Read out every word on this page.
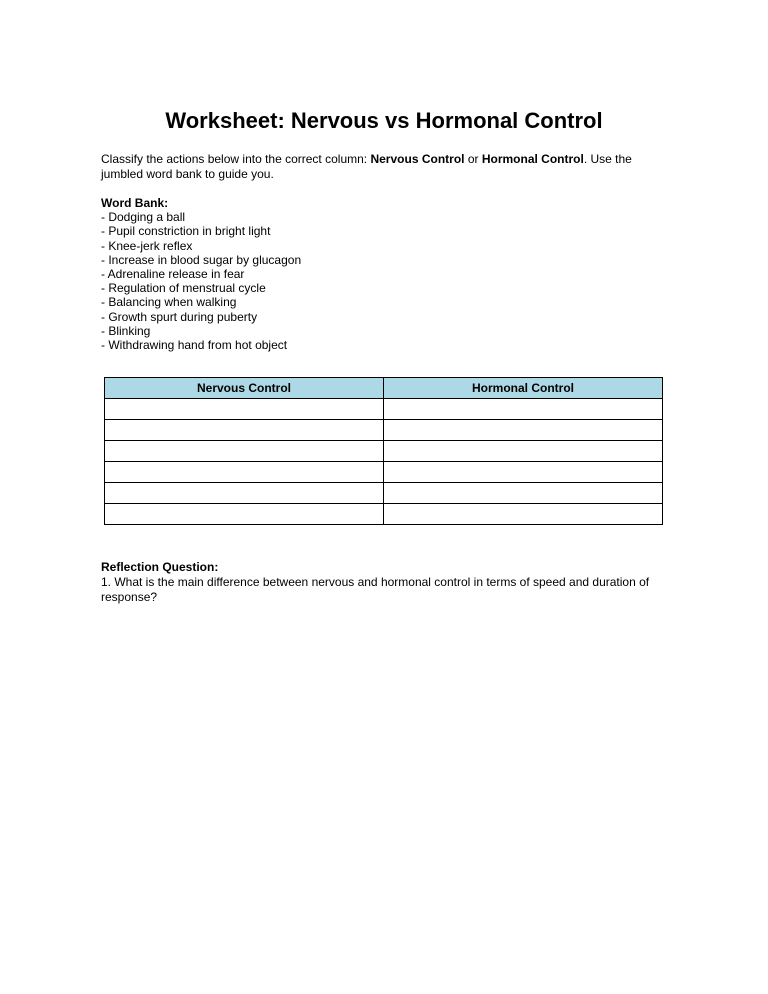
Worksheet: Nervous vs Hormonal Control

Classify the actions below into the correct column: Nervous Control or Hormonal Control. Use the jumbled word bank to guide you.

Word Bank:
- Dodging a ball
- Pupil constriction in bright light
- Knee-jerk reflex
- Increase in blood sugar by glucagon
- Adrenaline release in fear
- Regulation of menstrual cycle
- Balancing when walking
- Growth spurt during puberty
- Blinking
- Withdrawing hand from hot object
Nervous Control	Hormonal Control

Reflection Question:
1. What is the main difference between nervous and hormonal control in terms of speed and duration of response?
